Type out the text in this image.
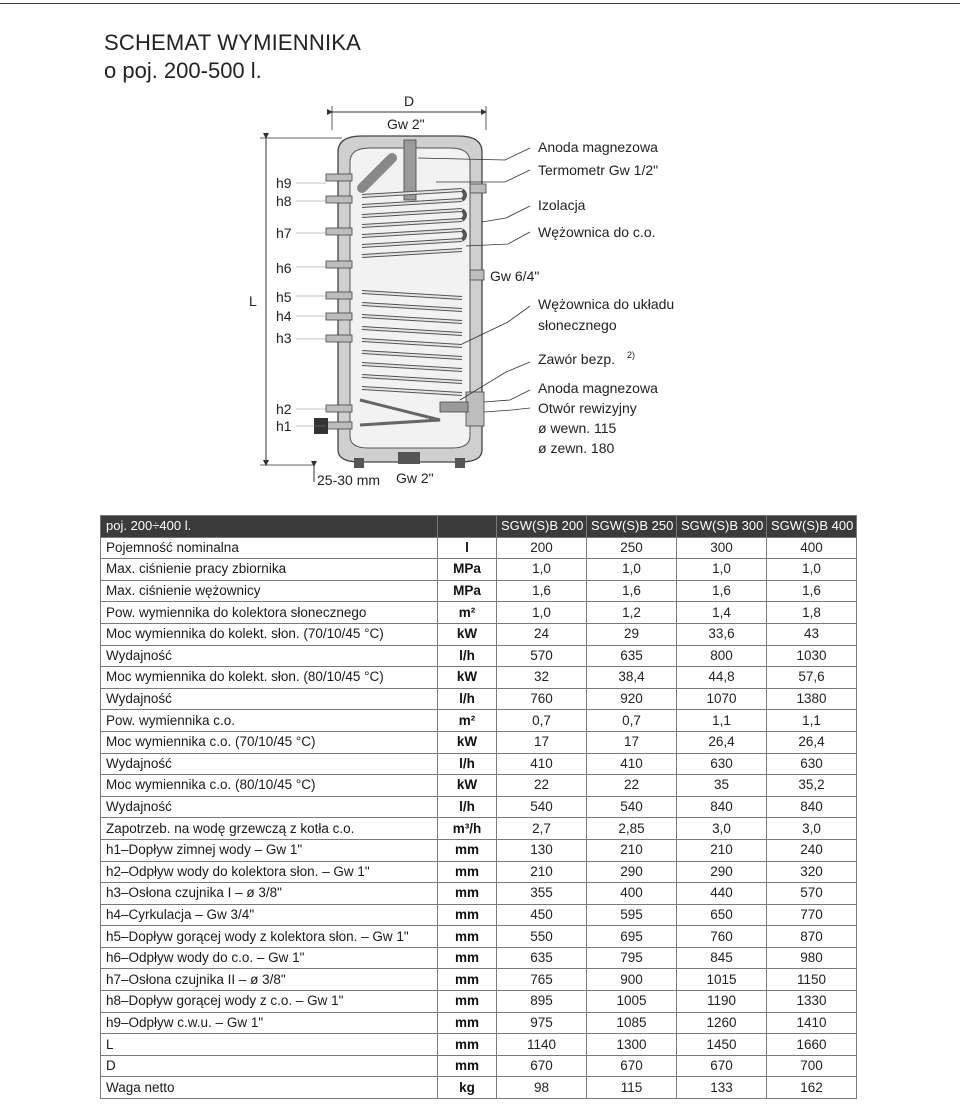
SCHEMAT WYMIENNIKA
o poj. 200-500 l.
D
Gw 2"
L
h9
h8
h7
h6
h5
h4
h3
h2
h1
25-30 mm Gw 2"
Gw 6/4"
Anoda magnezowa
Termometr Gw 1/2"
Izolacja
Wężownica do c.o.
Wężownica do układu
słonecznego
Zawór bezp. 2)
Anoda magnezowa
Otwór rewizyjny
ø wewn. 115
ø zewn. 180
poj. 200÷400 l.		SGW(S)B 200	SGW(S)B 250	SGW(S)B 300	SGW(S)B 400
Pojemność nominalna	l	200	250	300	400
Max. ciśnienie pracy zbiornika	MPa	1,0	1,0	1,0	1,0
Max. ciśnienie wężownicy	MPa	1,6	1,6	1,6	1,6
Pow. wymiennika do kolektora słonecznego	m²	1,0	1,2	1,4	1,8
Moc wymiennika do kolekt. słon. (70/10/45 °C)	kW	24	29	33,6	43
Wydajność	l/h	570	635	800	1030
Moc wymiennika do kolekt. słon. (80/10/45 °C)	kW	32	38,4	44,8	57,6
Wydajność	l/h	760	920	1070	1380
Pow. wymiennika c.o.	m²	0,7	0,7	1,1	1,1
Moc wymiennika c.o. (70/10/45 °C)	kW	17	17	26,4	26,4
Wydajność	l/h	410	410	630	630
Moc wymiennika c.o. (80/10/45 °C)	kW	22	22	35	35,2
Wydajność	l/h	540	540	840	840
Zapotrzeb. na wodę grzewczą z kotła c.o.	m³/h	2,7	2,85	3,0	3,0
h1–Dopływ zimnej wody – Gw 1"	mm	130	210	210	240
h2–Odpływ wody do kolektora słon. – Gw 1"	mm	210	290	290	320
h3–Osłona czujnika I – ø 3/8"	mm	355	400	440	570
h4–Cyrkulacja – Gw 3/4"	mm	450	595	650	770
h5–Dopływ gorącej wody z kolektora słon. – Gw 1"	mm	550	695	760	870
h6–Odpływ wody do c.o. – Gw 1"	mm	635	795	845	980
h7–Osłona czujnika II – ø 3/8"	mm	765	900	1015	1150
h8–Dopływ gorącej wody z c.o. – Gw 1"	mm	895	1005	1190	1330
h9–Odpływ c.w.u. – Gw 1"	mm	975	1085	1260	1410
L	mm	1140	1300	1450	1660
D	mm	670	670	670	700
Waga netto	kg	98	115	133	162
